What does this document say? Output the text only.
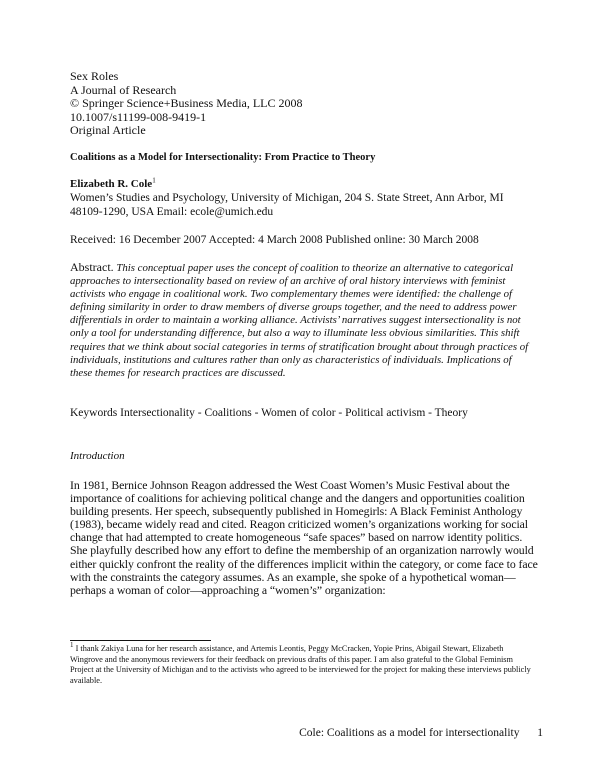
Sex Roles
A Journal of Research
© Springer Science+Business Media, LLC 2008
10.1007/s11199-008-9419-1
Original Article
Coalitions as a Model for Intersectionality: From Practice to Theory
Elizabeth R. Cole$^1$
Women’s Studies and Psychology, University of Michigan, 204 S. State Street, Ann Arbor, MI 48109-1290, USA Email: ecole@umich.edu
Received: 16 December 2007 Accepted: 4 March 2008 Published online: 30 March 2008
Abstract. This conceptual paper uses the concept of coalition to theorize an alternative to categorical approaches to intersectionality based on review of an archive of oral history interviews with feminist activists who engage in coalitional work. Two complementary themes were identified: the challenge of defining similarity in order to draw members of diverse groups together, and the need to address power differentials in order to maintain a working alliance. Activists’ narratives suggest intersectionality is not only a tool for understanding difference, but also a way to illuminate less obvious similarities. This shift requires that we think about social categories in terms of stratification brought about through practices of individuals, institutions and cultures rather than only as characteristics of individuals. Implications of these themes for research practices are discussed.
Keywords Intersectionality - Coalitions - Women of color - Political activism - Theory
Introduction
In 1981, Bernice Johnson Reagon addressed the West Coast Women’s Music Festival about the importance of coalitions for achieving political change and the dangers and opportunities coalition building presents. Her speech, subsequently published in Homegirls: A Black Feminist Anthology (1983), became widely read and cited. Reagon criticized women’s organizations working for social change that had attempted to create homogeneous “safe spaces” based on narrow identity politics. She playfully described how any effort to define the membership of an organization narrowly would either quickly confront the reality of the differences implicit within the category, or come face to face with the constraints the category assumes. As an example, she spoke of a hypothetical woman—perhaps a woman of color—approaching a “women’s” organization:
$^1$ I thank Zakiya Luna for her research assistance, and Artemis Leontis, Peggy McCracken, Yopie Prins, Abigail Stewart, Elizabeth Wingrove and the anonymous reviewers for their feedback on previous drafts of this paper. I am also grateful to the Global Feminism Project at the University of Michigan and to the activists who agreed to be interviewed for the project for making these interviews publicly available.
Cole: Coalitions as a model for intersectionality 1
